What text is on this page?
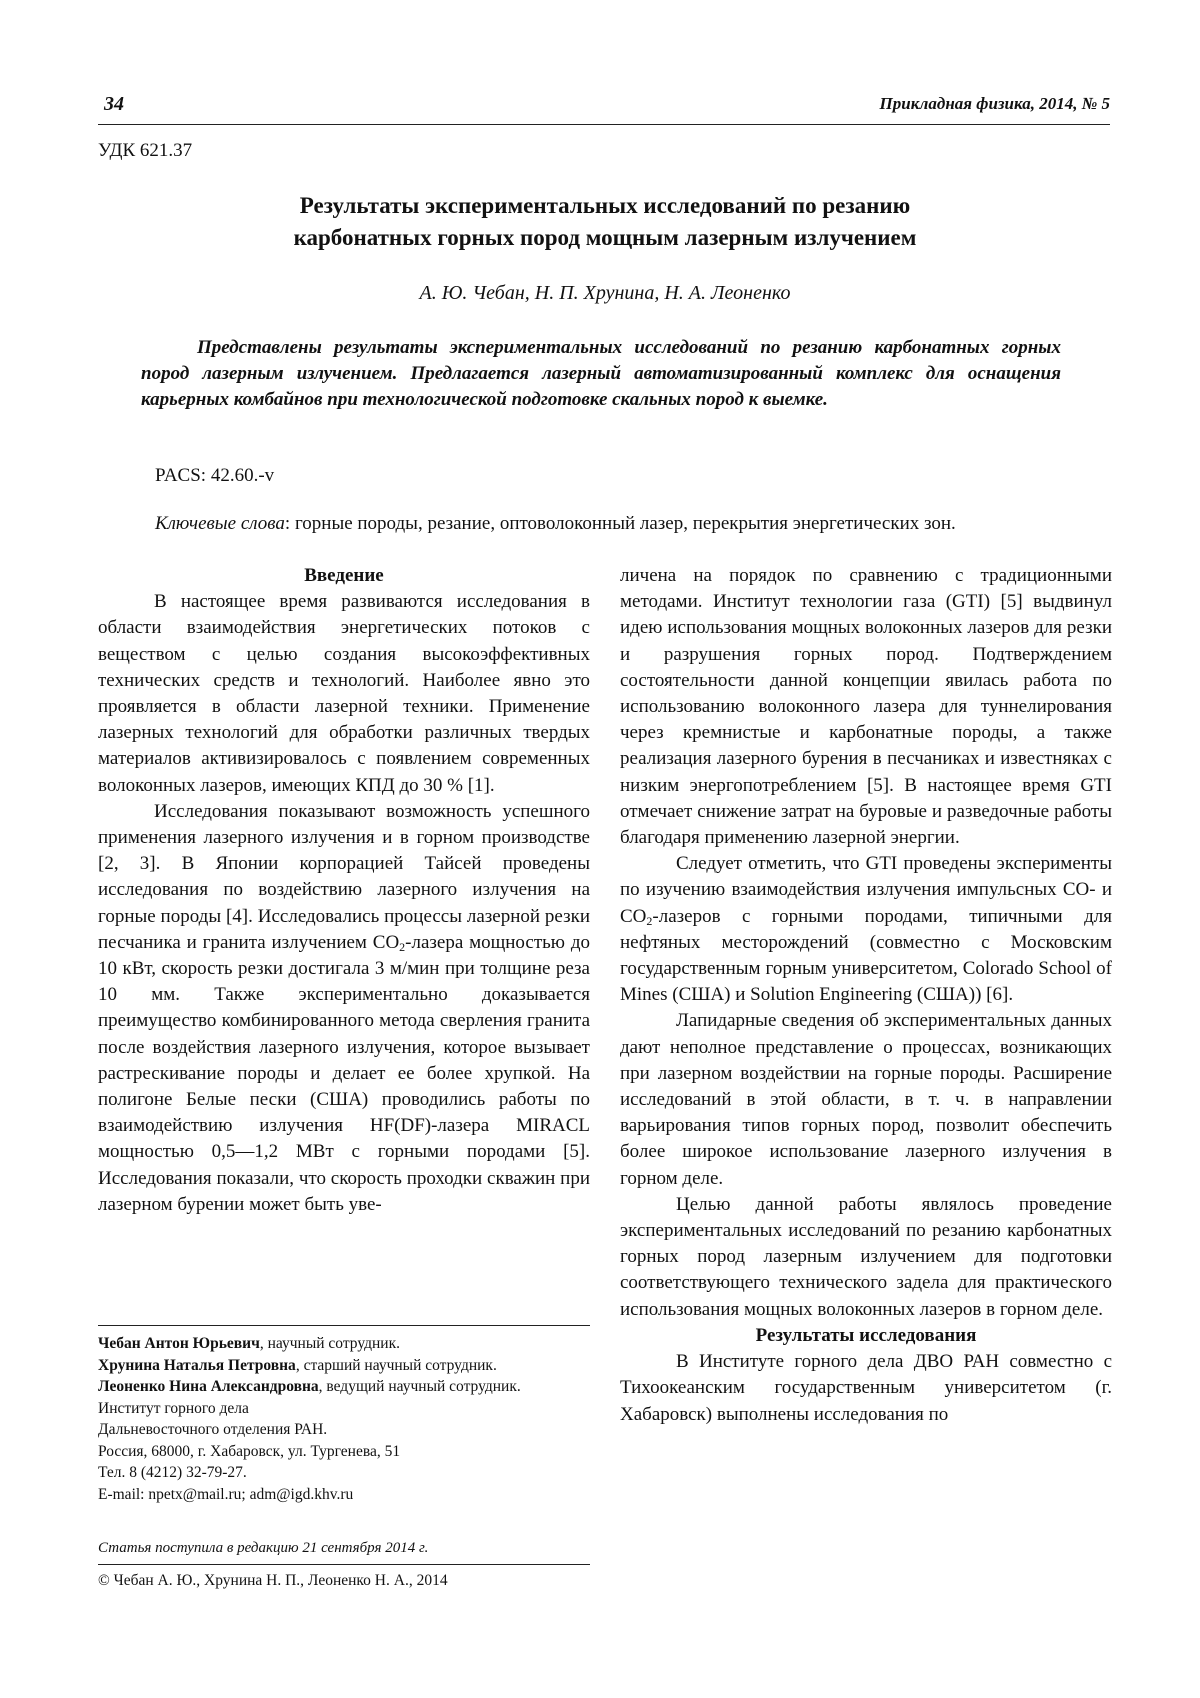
34	Прикладная физика, 2014, № 5
УДК 621.37
Результаты экспериментальных исследований по резанию
карбонатных горных пород мощным лазерным излучением
А. Ю. Чебан, Н. П. Хрунина, Н. А. Леоненко

Представлены результаты экспериментальных исследований по резанию карбонатных горных пород лазерным излучением. Предлагается лазерный автоматизированный комплекс для оснащения карьерных комбайнов при технологической подготовке скальных пород к выемке.

PACS: 42.60.-v
Ключевые слова: горные породы, резание, оптоволоконный лазер, перекрытия энергетических зон.

Введение

В настоящее время развиваются исследования в области взаимодействия энергетических потоков с веществом с целью создания высокоэффективных технических средств и технологий. Наиболее явно это проявляется в области лазерной техники. Применение лазерных технологий для обработки различных твердых материалов активизировалось с появлением современных волоконных лазеров, имеющих КПД до 30 % [1].

Исследования показывают возможность успешного применения лазерного излучения и в горном производстве [2, 3]. В Японии корпорацией Тайсей проведены исследования по воздействию лазерного излучения на горные породы [4]. Исследовались процессы лазерной резки песчаника и гранита излучением $CO_2$-лазера мощностью до 10 кВт, скорость резки достигала 3 м/мин при толщине реза 10 мм. Также экспериментально доказывается преимущество комбинированного метода сверления гранита после воздействия лазерного излучения, которое вызывает растрескивание породы и делает ее более хрупкой. На полигоне Белые пески (США) проводились работы по взаимодействию излучения HF(DF)-лазера MIRACL мощностью 0,5—1,2 МВт с горными породами [5]. Исследования показали, что скорость проходки скважин при лазерном бурении может быть уве-

личена на порядок по сравнению с традиционными методами. Институт технологии газа (GTI) [5] выдвинул идею использования мощных волоконных лазеров для резки и разрушения горных пород. Подтверждением состоятельности данной концепции явилась работа по использованию волоконного лазера для туннелирования через кремнистые и карбонатные породы, а также реализация лазерного бурения в песчаниках и известняках с низким энергопотреблением [5]. В настоящее время GTI отмечает снижение затрат на буровые и разведочные работы благодаря применению лазерной энергии.

Следует отметить, что GTI проведены эксперименты по изучению взаимодействия излучения импульсных CO- и $CO_2$-лазеров с горными породами, типичными для нефтяных месторождений (совместно с Московским государственным горным университетом, Colorado School of Mines (США) и Solution Engineering (США)) [6].

Лапидарные сведения об экспериментальных данных дают неполное представление о процессах, возникающих при лазерном воздействии на горные породы. Расширение исследований в этой области, в т. ч. в направлении варьирования типов горных пород, позволит обеспечить более широкое использование лазерного излучения в горном деле.

Целью данной работы являлось проведение экспериментальных исследований по резанию карбонатных горных пород лазерным излучением для подготовки соответствующего технического задела для практического использования мощных волоконных лазеров в горном деле.

Результаты исследования

В Институте горного дела ДВО РАН совместно с Тихоокеанским государственным университетом (г. Хабаровск) выполнены исследования по

Чебан Антон Юрьевич, научный сотрудник.

Хрунина Наталья Петровна, старший научный сотрудник.

Леоненко Нина Александровна, ведущий научный сотрудник.

Институт горного дела

Дальневосточного отделения РАН.

Россия, 68000, г. Хабаровск, ул. Тургенева, 51

Тел. 8 (4212) 32-79-27.

E-mail: npetx@mail.ru; adm@igd.khv.ru

Статья поступила в редакцию 21 сентября 2014 г.
© Чебан А. Ю., Хрунина Н. П., Леоненко Н. А., 2014
